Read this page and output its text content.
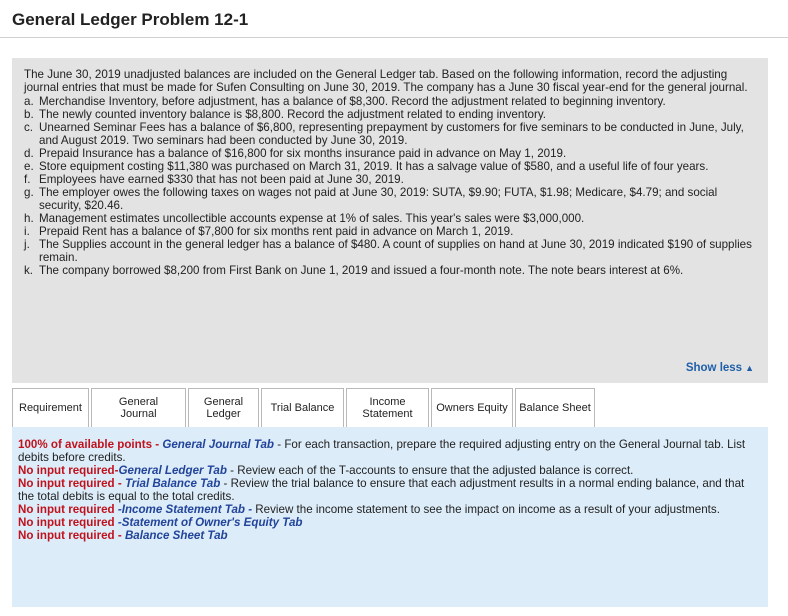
General Ledger Problem 12-1

The June 30, 2019 unadjusted balances are included on the General Ledger tab. Based on the following information, record the adjusting journal entries that must be made for Sufen Consulting on June 30, 2019. The company has a June 30 fiscal year-end for the general journal.

a. Merchandise Inventory, before adjustment, has a balance of $8,300. Record the adjustment related to beginning inventory.
b. The newly counted inventory balance is $8,800. Record the adjustment related to ending inventory.
c. Unearned Seminar Fees has a balance of $6,800, representing prepayment by customers for five seminars to be conducted in June, July, and August 2019. Two seminars had been conducted by June 30, 2019.
d. Prepaid Insurance has a balance of $16,800 for six months insurance paid in advance on May 1, 2019.
e. Store equipment costing $11,380 was purchased on March 31, 2019. It has a salvage value of $580, and a useful life of four years.
f. Employees have earned $330 that has not been paid at June 30, 2019.
g. The employer owes the following taxes on wages not paid at June 30, 2019: SUTA, $9.90; FUTA, $1.98; Medicare, $4.79; and social security, $20.46.
h. Management estimates uncollectible accounts expense at 1% of sales. This year's sales were $3,000,000.
i. Prepaid Rent has a balance of $7,800 for six months rent paid in advance on March 1, 2019.
j. The Supplies account in the general ledger has a balance of $480. A count of supplies on hand at June 30, 2019 indicated $190 of supplies remain.
k. The company borrowed $8,200 from First Bank on June 1, 2019 and issued a four-month note. The note bears interest at 6%.
Show less ▲
Requirement
General
Journal
General
Ledger
Trial Balance
Income
Statement
Owners Equity Balance Sheet

100% of available points - General Journal Tab - For each transaction, prepare the required adjusting entry on the General Journal tab. List debits before credits.

No input required-General Ledger Tab - Review each of the T-accounts to ensure that the adjusted balance is correct.

No input required - Trial Balance Tab - Review the trial balance to ensure that each adjustment results in a normal ending balance, and that the total debits is equal to the total credits.

No input required -Income Statement Tab - Review the income statement to see the impact on income as a result of your adjustments.

No input required -Statement of Owner's Equity Tab

No input required - Balance Sheet Tab
